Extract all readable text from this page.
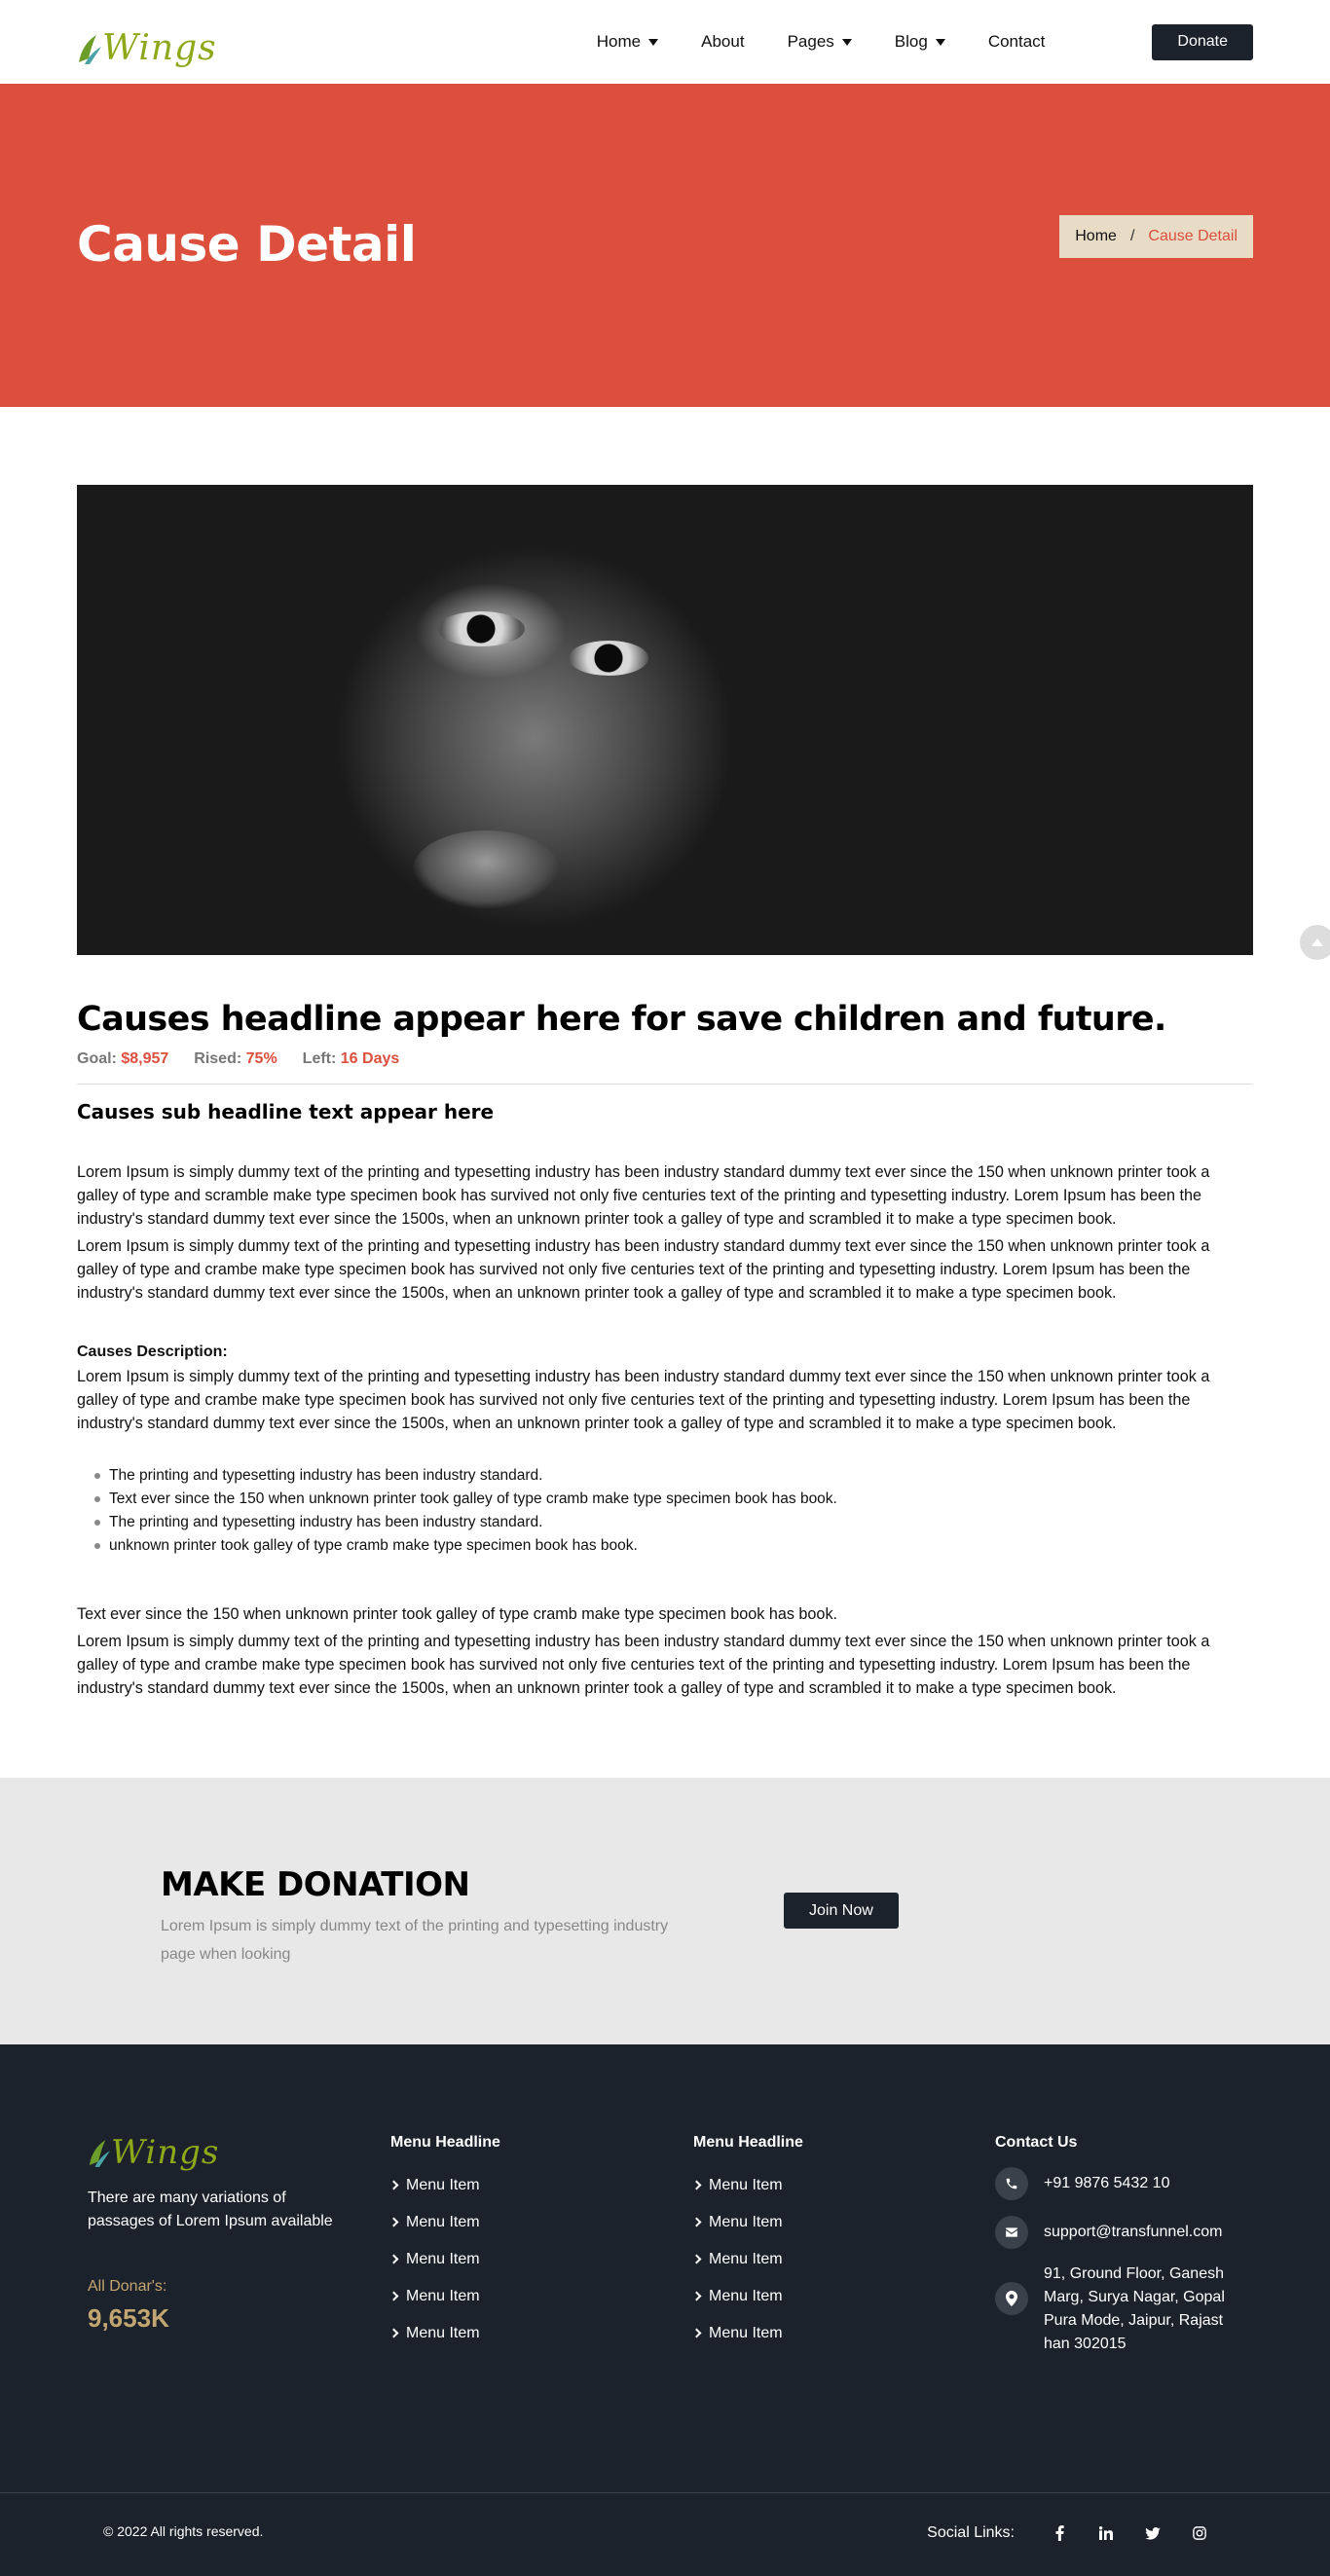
Wings	Home	About	Pages	Blog	Contact	Donate
Cause Detail	Home / Cause Detail
Causes headline appear here for save children and future.
Goal: $8,957 Rised: 75% Left: 16 Days
Causes sub headline text appear here

Lorem Ipsum is simply dummy text of the printing and typesetting industry has been industry standard dummy text ever since the 150 when unknown printer took a galley of type and scramble make type specimen book has survived not only five centuries text of the printing and typesetting industry. Lorem Ipsum has been the industry's standard dummy text ever since the 1500s, when an unknown printer took a galley of type and scrambled it to make a type specimen book.

Lorem Ipsum is simply dummy text of the printing and typesetting industry has been industry standard dummy text ever since the 150 when unknown printer took a galley of type and crambe make type specimen book has survived not only five centuries text of the printing and typesetting industry. Lorem Ipsum has been the industry's standard dummy text ever since the 1500s, when an unknown printer took a galley of type and scrambled it to make a type specimen book.

Causes Description:

Lorem Ipsum is simply dummy text of the printing and typesetting industry has been industry standard dummy text ever since the 150 when unknown printer took a galley of type and crambe make type specimen book has survived not only five centuries text of the printing and typesetting industry. Lorem Ipsum has been the industry's standard dummy text ever since the 1500s, when an unknown printer took a galley of type and scrambled it to make a type specimen book.

The printing and typesetting industry has been industry standard.
Text ever since the 150 when unknown printer took galley of type cramb make type specimen book has book.
The printing and typesetting industry has been industry standard.
unknown printer took galley of type cramb make type specimen book has book.

Text ever since the 150 when unknown printer took galley of type cramb make type specimen book has book.

Lorem Ipsum is simply dummy text of the printing and typesetting industry has been industry standard dummy text ever since the 150 when unknown printer took a galley of type and crambe make type specimen book has survived not only five centuries text of the printing and typesetting industry. Lorem Ipsum has been the industry's standard dummy text ever since the 1500s, when an unknown printer took a galley of type and scrambled it to make a type specimen book.

MAKE DONATION

Lorem Ipsum is simply dummy text of the printing and typesetting industry page when looking

Join Now
Wings

There are many variations of passages of Lorem Ipsum available

All Donar's:
9,653K
Menu Headline
Menu Item
Menu Item
Menu Item
Menu Item
Menu Item
Menu Headline
Menu Item
Menu Item
Menu Item
Menu Item
Menu Item
Contact Us
+91 9876 5432 10
support@transfunnel.com
91, Ground Floor, Ganesh Marg, Surya Nagar, Gopal Pura Mode, Jaipur, Rajast han 302015
© 2022 All rights reserved.	Social Links:
